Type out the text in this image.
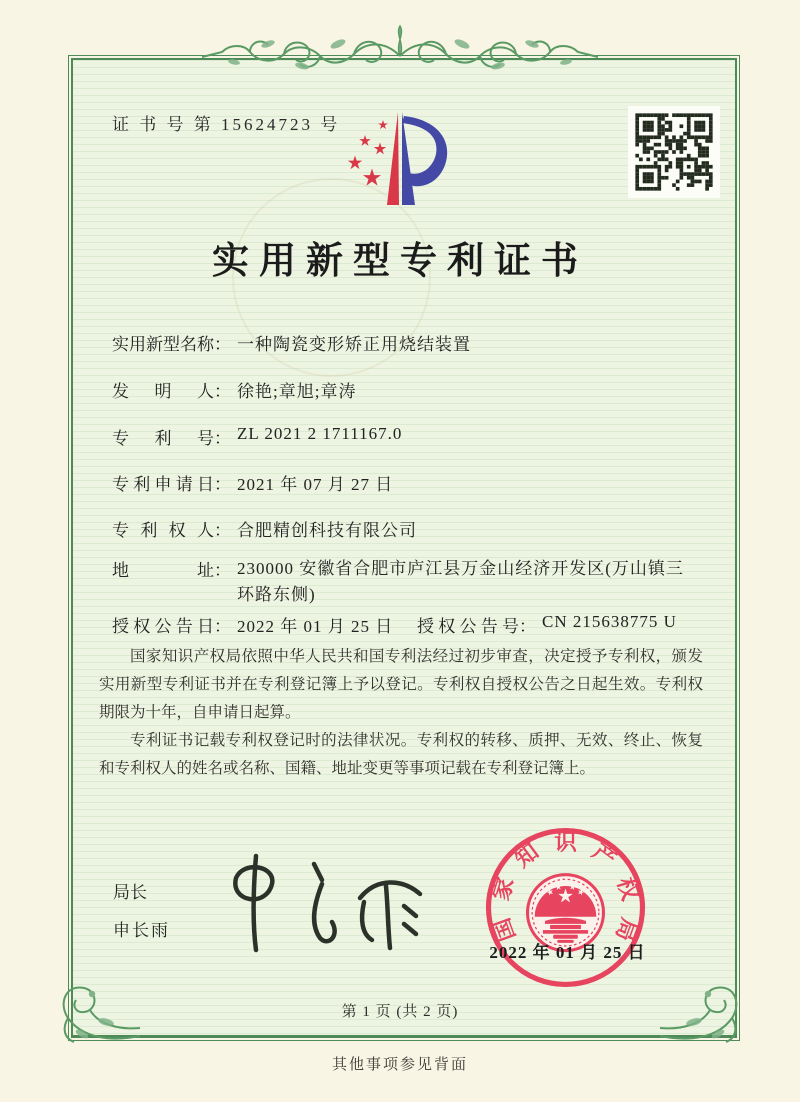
证 书 号 第 15624723 号
实用新型专利证书
实用新型名称 ： 一种陶瓷变形矫正用烧结装置
发明人 ： 徐艳;章旭;章涛
专利号 ： ZL 2021 2 1711167.0
专利申请日 ： 2021 年 07 月 27 日
专利权人 ： 合肥精创科技有限公司
地址 ： 230000 安徽省合肥市庐江县万金山经济开发区(万山镇三环路东侧)
授权公告日 ： 2022 年 01 月 25 日 授权公告号 ： CN 215638775 U

国家知识产权局依照中华人民共和国专利法经过初步审查，决定授予专利权，颁发实用新型专利证书并在专利登记簿上予以登记。专利权自授权公告之日起生效。专利权期限为十年，自申请日起算。

专利证书记载专利权登记时的法律状况。专利权的转移、质押、无效、终止、恢复和专利权人的姓名或名称、国籍、地址变更等事项记载在专利登记簿上。

局长
申长雨	国
家
知 识 产
权
局
2022 年 01 月 25 日
第 1 页 (共 2 页)
其他事项参见背面
